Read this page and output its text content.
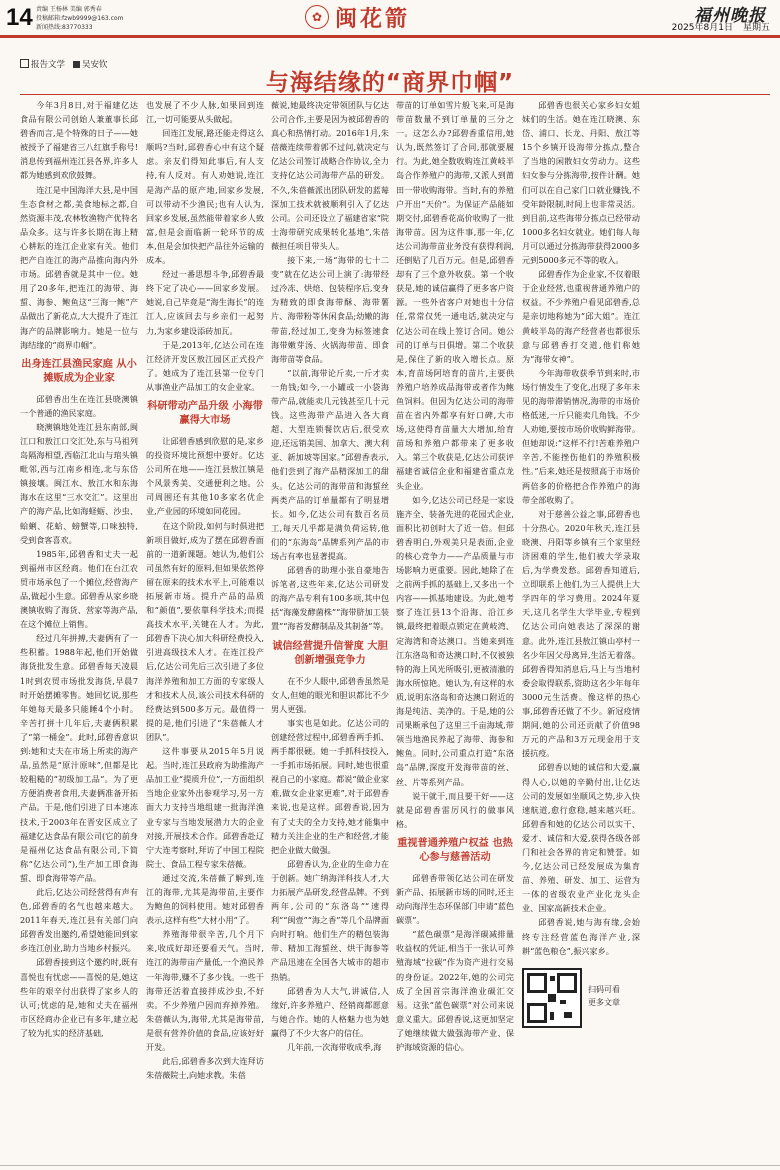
14 责编 王杨林 美编 郭秀春
投稿邮箱:fzwb9999@163.com
新闻热线:83770333
✿ 闽花箭	福州晚报
2025年8月1日 星期五
报告文学	吴安钦
与海结缘的“商界巾帼”

今年3月8日,对于福建亿达食品有限公司创始人兼董事长邱碧香而言,是个特殊的日子——她被授予了福建省三八红旗手称号!消息传到福州连江县各界,许多人都为她感到欢欣鼓舞。

连江是中国海洋大县,是中国生态食材之都,美食地标之都,自然资源丰茂,农林牧渔物产优特名品众多。这与许多长期在海上精心耕耘的连江企业家有关。他们把产自连江的海产品推向海内外市场。邱碧香就是其中一位。她用了20多年,把连江的海带、海蜇、海参、鲍鱼这“三海一鲍”产品做出了新花点,大大提升了连江海产的品牌影响力。她是一位与海结缘的“商界巾帼”。

出身连江县渔民家庭 从小摊贩成为企业家

邱碧香出生在连江县晓澳镇一个普通的渔民家庭。

晓澳镇地处连江县东南部,闽江口和敖江口交汇处,东与马祖列岛隔海相望,西临江北山与琯头镇毗邻,西与江南乡相连,北与东岱镇接壤。闽江水、敖江水和东海海水在这里“三水交汇”。这里出产的海产品,比如海蛏蛎、沙虫、蛤蜊、花蛤、螃蟹等,口味独特,受到食客喜欢。

1985年,邱碧香和丈夫一起到福州市区经商。他们在台江农贸市场承包了一个摊位,经营海产品,做起小生意。邱碧香从家乡晓澳镇收购了海货、营家等海产品,在这个摊位上销售。

经过几年拼搏,夫妻俩有了一些积蓄。1988年起,他们开始做海货批发生意。邱碧香每天凌晨1时到农贸市场批发海货,早晨7时开始摆摊零售。她回忆说,那些年她每天最多只能睡4个小时。辛苦打拼十几年后,夫妻俩积累了“第一桶金”。此时,邱碧香意识到:她和丈夫在市场上所卖的海产品,虽然是“原汁原味”,但都是比较粗糙的“初级加工品”。为了更方便消费者食用,夫妻俩准备开拓产品。于是,他们引进了日本速冻技术,于2003年在晋安区成立了福建亿达食品有限公司(它的前身是福州亿达食品有限公司,下简称“亿达公司”),生产加工即食海蜇、即食海带等产品。

此后,亿达公司经营得有声有色,邱碧香的名气也越来越大。2011年春天,连江县有关部门向邱碧香发出邀约,希望她能回到家乡连江创业,助力当地乡村振兴。

邱碧香接到这个邀约时,既有喜悦也有忧虑——喜悦的是,她这些年的艰辛付出获得了家乡人的认可;忧虑的是,她和丈夫在福州市区经商办企业已有多年,建立起了较为扎实的经济基础,

也发展了不少人脉,如果回到连江,一切可能要从头做起。

回连江发展,路还能走得这么顺吗?当时,邱碧香心中有这个疑虑。亲友们得知此事后,有人支持,有人反对。有人劝她说,连江是海产品的原产地,回家乡发展,可以带动不少渔民;也有人认为,回家乡发展,虽然能带着家乡人致富,但是会面临新一轮环节的成本,但是会加快把产品往外运输的成本。

经过一番思想斗争,邱碧香最终下定了决心——回家乡发展。她说,自己毕竟是“海生海长”的连江人,应该回去与乡亲们一起努力,为家乡建设添砖加瓦。

于是,2013年,亿达公司在连江经济开发区敖江园区正式投产了。她成为了连江县第一位专门从事渔业产品加工的女企业家。

科研带动产品升级 小海带赢得大市场

让邱碧香感到欣慰的是,家乡的投资环境比预想中要好。亿达公司所在地——连江县敖江镇是个风景秀美、交通便利之地。公司周围还有其他10多家名优企业,产业园的环境如同花园。

在这个阶段,如何与时俱进把新项目做好,成为了摆在邱碧香面前的一道新课题。她认为,他们公司虽然有好的原料,但如果依然停留在原来的技术水平上,可能难以拓展新市场。提升产品的品质和“颜值”,要依靠科学技术;而提高技术水平,关键在人才。为此,邱碧香下决心加大科研经费投入,引进高级技术人才。在连江投产后,亿达公司先后三次引进了多位海洋养殖和加工方面的专家级人才和技术人员,该公司技术科研的经费达到500多万元。最值得一提的是,他们引进了“朱蓓薇人才团队”。

这件事要从2015年5月说起。当时,连江县政府为助推海产品加工业“提质升位”,一方面组织当地企业家外出参观学习,另一方面大力支持当地组建一批海洋渔业专家与当地发展潜力大的企业对接,开展技术合作。邱碧香赴辽宁大连考察时,拜访了中国工程院院士、食品工程专家朱蓓薇。

通过交流,朱蓓薇了解到,连江的海带,尤其是海带苗,主要作为鲍鱼的饲料使用。她对邱碧香表示,这样有些“大材小用”了。

养殖海带很辛苦,几个月下来,收成好却还要看天气。当时,连江的海带亩产量低,一个渔民养一年海带,赚不了多少钱。一些干海带还活着直接拌成沙虫,不好卖。不少养殖户因而弃掉养殖。朱蓓薇认为,海带,尤其是海带苗,是很有营养价值的食品,应该好好开发。

此后,邱碧香多次到大连拜访朱蓓薇院士,向她求教。朱蓓

薇说,她最终决定带领团队与亿达公司合作,主要是因为被邱碧香的真心和热情打动。2016年1月,朱蓓薇连续带着郭不过问,就决定与亿达公司签订战略合作协议,全力支持亿达公司海带产品的研发。不久,朱蓓薇派出团队研发的蓝莓深加工技术就被顺利引入了亿达公司。公司还设立了福建省家“院士海带研究成果转化基地”,朱蓓薇担任项目带头人。

接下来,一场“海带的七十二变”就在亿达公司上演了:海带经过冷冻、烘焙、包装程序后,变身为精致的即食海带酥、海带薯片、海带粉等休闲食品;幼嫩的海带苗,经过加工,变身为标签速食海带嫩芽汤、火锅海带苗、即食海带苗等食品。

“以前,海带论斤卖,一斤才卖一角钱;如今,一小罐或一小袋海带产品,就能卖几元钱甚至几十元钱。这些海带产品进入各大商超、大型连锁餐饮店后,很受欢迎,还远销美国、加拿大、澳大利亚、新加坡等国家。”邱碧香表示,他们尝到了海产品精深加工的甜头。亿达公司的海带苗和海蜇丝两类产品的订单量都有了明显增长。如今,亿达公司有数百名员工,每天几乎都是满负荷运转,他们的“东海岛”品牌系列产品的市场占有率也显著提高。

邱碧香的助理小张自豪地告诉笔者,这些年来,亿达公司研发的海产品专利有100多项,其中包括“海藻发酵菌株”“海带脐加工装置”“海苔发酵制品及其制备”等。

诚信经营提升信誉度 大胆创新增强竞争力

在不少人眼中,邱碧香虽然是女人,但她的眼光和胆识都比不少男人更强。

事实也是如此。亿达公司的创建经营过程中,邱碧香两手抓、两手都很硬。她一手抓科技投入,一手抓市场拓展。同时,她也很重视自己的小家庭。都说“做企业家难,做女企业家更难”,对于邱碧香来说,也是这样。邱碧香说,因为有了丈夫的全力支持,她才能集中精力关注企业的生产和经营,才能把企业做大做强。

邱碧香认为,企业的生命力在于创新。她广纳海洋科技人才,大力拓展产品研发,经营品牌。不到两年,公司的“东洛岛”“速得利”“闽壹”“海之香”等几个品牌面向时打响。他们生产的精包装海带、精加工海蜇丝、烘干海参等产品迅速在全国各大城市的超市热销。

邱碧香为人大气,讲诚信,人缘好,许多养殖户、经销商都愿意与她合作。她的人格魅力也为她赢得了不少大客户的信任。

几年前,一次海带收成季,海

带苗的订单如雪片般飞来,可是海带苗数量不到订单量的三分之一。这怎么办?邱碧香重信用,她认为,既然签订了合同,那就要履行。为此,她全数收购连江黄岐半岛合作养殖户的海带,又派人到莆田一带收购海带。当时,有的养殖户开出“天价”。为保证产品能如期交付,邱碧香花高价收购了一批海带苗。因为这件事,那一年,亿达公司海带苗业务没有获得利润,还倒贴了几百万元。但是,邱碧香却有了三个意外收获。第一个收获是,她的诚信赢得了更多客户资源。一些外省客户对她也十分信任,常常仅凭一通电话,就决定与亿达公司在线上签订合同。她公司的订单与日俱增。第二个收获是,保住了新的收入增长点。原本,育苗场阿培育的苗片,主要供养殖户培养成品海带或者作为鲍鱼饲料。但因为亿达公司的海带苗在省内外都享有好口碑,大市场,这使得育苗量大大增加,给育苗场和养殖户都带来了更多收入。第三个收获是,亿达公司获评福建省诚信企业和福建省重点龙头企业。

如今,亿达公司已经是一家设施齐全、装备先进的花园式企业,面积比初创时大了近一倍。但邱碧香明白,外观美只是表面,企业的核心竞争力——产品质量与市场影响力更重要。因此,她除了在之前两手抓的基础上,又多出一个内容——抓基地建设。为此,她考察了连江县13个沿海、沿江乡镇,最终把着眼点锁定在黄岐湾、定海湾和奇达澳口。当她来到连江东洛岛和奇达澳口时,不仅被独特的海上风光所吸引,更被清澈的海水所惊艳。她认为,有这样的水质,说明东洛岛和奇达澳口附近的海是纯洁、美净的。于是,她的公司果断承包了这里三千亩海域,带领当地渔民养起了海带、海参和鲍鱼。同时,公司重点打造“东洛岛”品牌,深度开发海带苗的丝、丝、片等系列产品。

说干就干,而且要干好——这就是邱碧香雷厉风行的做事风格。

重视普通养殖户权益 也热心参与慈善活动

邱碧香带领亿达公司在研发新产品、拓展新市场的同时,还主动向海洋生态环保部门申请“蓝色碳票”。

“蓝色碳票”是海洋碳减排量收益权的凭证,相当于一张认可养殖海域“拉碳”作为资产进行交易的身份证。2022年,她的公司完成了全国首宗海洋渔业碳汇交易。这张“蓝色碳票”对公司来说意义重大。邱碧香说,这更加坚定了她继续做大做强海带产业、保护海域资源的信心。

邱碧香也很关心家乡妇女姐妹们的生活。她在连江晓澳、东岱、浦口、长龙、丹阳、敖江等15个乡镇开设海带分拣点,整合了当地的闲散妇女劳动力。这些妇女参与分拣海带,按件计酬。她们可以在自己家门口就业赚钱,不受年龄限制,时间上也非常灵活。到目前,这些海带分拣点已经带动1000多名妇女就业。她们每人每月可以通过分拣海带获得2000多元到5000多元不等的收入。

邱碧香作为企业家,不仅着眼于企业经营,也重视普通养殖户的权益。不少养殖户看见邱碧香,总是亲切地称她为“邱大姐”。连江黄岐半岛的海产经营者也都很乐意与邱碧香打交道,他们称她为“海带女神”。

今年海带收获季节到来时,市场行情发生了变化,出现了多年未见的海带滞销情况,海带的市场价格低迷,一斤只能卖几角钱。不少人劝她,要按市场价收购鲜海带。但她却说:“这样不行!苦难养殖户辛苦,不能挫伤他们的养殖积极性。”后来,她还是按照高于市场价两倍多的价格把合作养殖户的海带全部收购了。

对于慈善公益之事,邱碧香也十分热心。2020年秋天,连江县晓澳、丹阳等乡镇有三个家里经济困难的学生,他们被大学录取后,为学费发愁。邱碧香知道后,立即联系上他们,为三人提供上大学四年的学习费用。2024年夏天,这几名学生大学毕业,专程到亿达公司向她表达了深深的谢意。此外,连江县敖江镇山亭村一名少年因父母离异,生活无着落。邱碧香得知消息后,马上与当地村委会取得联系,资助这名少年每年3000元生活费。像这样的热心事,邱碧香还做了不少。新冠疫情期间,她的公司还贡献了价值98万元的产品和3万元现金用于支援抗疫。

邱碧香以她的诚信和大爱,赢得人心,以她的辛勤付出,让亿达公司的发展如坐顺风之势,步入快速航道,愈行愈稳,越来越兴旺。邱碧香和她的亿达公司以实干、爱才、诚信和大爱,获得各级各部门和社会各界的肯定和赞誉。如今,亿达公司已经发展成为集育苗、养殖、研发、加工、运营为一体的省级农业产业化龙头企业、国家高新技术企业。

邱碧香说,她与海有缘,会始终专注经营蓝色海洋产业,深耕“蓝色粮仓”,振兴家乡。

扫码可看
更多文章
